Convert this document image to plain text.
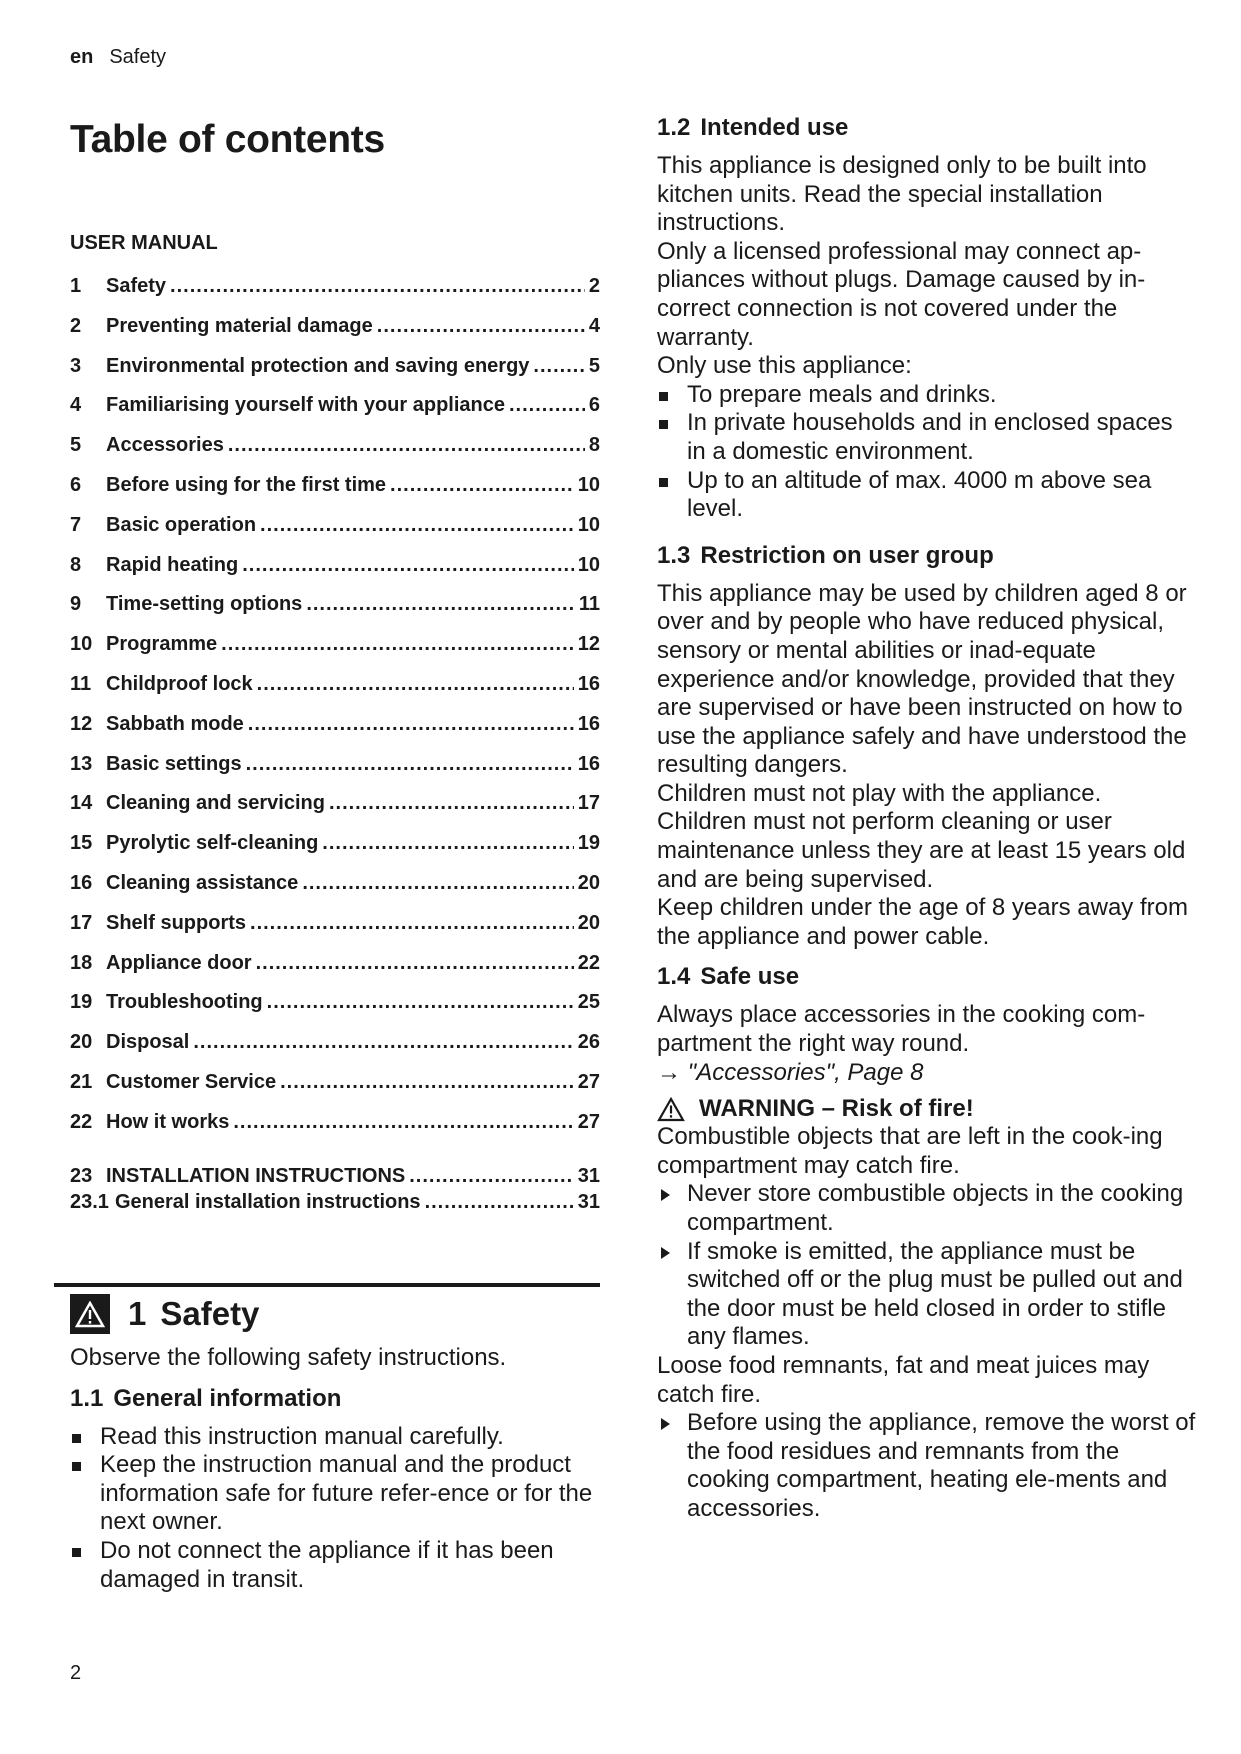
en Safety
Table of contents
USER MANUAL
1	Safety .....	2
2	Preventing material damage .....	4
3	Environmental protection and saving energy .....	5
4	Familiarising yourself with your appliance .....	6
5	Accessories .....	8
6	Before using for the first time .....	10
7	Basic operation .....	10
8	Rapid heating .....	10
9	Time-setting options .....	11
10 Programme .....	12
11 Childproof lock .....	16
12 Sabbath mode .....	16
13 Basic settings .....	16
14 Cleaning and servicing .....	17
15 Pyrolytic self-cleaning .....	19
16 Cleaning assistance .....	20
17 Shelf supports .....	20
18 Appliance door .....	22
19 Troubleshooting .....	25
20 Disposal .....	26
21 Customer Service .....	27
22 How it works .....	27
23 INSTALLATION INSTRUCTIONS .....	31
23.1 General installation instructions .....	31
1 Safety

Observe the following safety instructions.

1.1 General information
Read this instruction manual carefully.
Keep the instruction manual and the product information safe for future refer-ence or for the next owner.
Do not connect the appliance if it has been damaged in transit.
1.2 Intended use

This appliance is designed only to be built into kitchen units. Read the special installation instructions.

Only a licensed professional may connect ap-pliances without plugs. Damage caused by in-correct connection is not covered under the warranty.

Only use this appliance:

To prepare meals and drinks.
In private households and in enclosed spaces in a domestic environment.
Up to an altitude of max. 4000 m above sea level.
1.3 Restriction on user group

This appliance may be used by children aged 8 or over and by people who have reduced physical, sensory or mental abilities or inad-equate experience and/or knowledge, provided that they are supervised or have been instructed on how to use the appliance safely and have understood the resulting dangers.

Children must not play with the appliance.

Children must not perform cleaning or user maintenance unless they are at least 15 years old and are being supervised.

Keep children under the age of 8 years away from the appliance and power cable.

1.4 Safe use

Always place accessories in the cooking com-partment the right way round.

→ "Accessories", Page 8
WARNING – Risk of fire!

Combustible objects that are left in the cook-ing compartment may catch fire.

Never store combustible objects in the cooking compartment.
If smoke is emitted, the appliance must be switched off or the plug must be pulled out and the door must be held closed in order to stifle any flames.

Loose food remnants, fat and meat juices may catch fire.

Before using the appliance, remove the worst of the food residues and remnants from the cooking compartment, heating ele-ments and accessories.
2
